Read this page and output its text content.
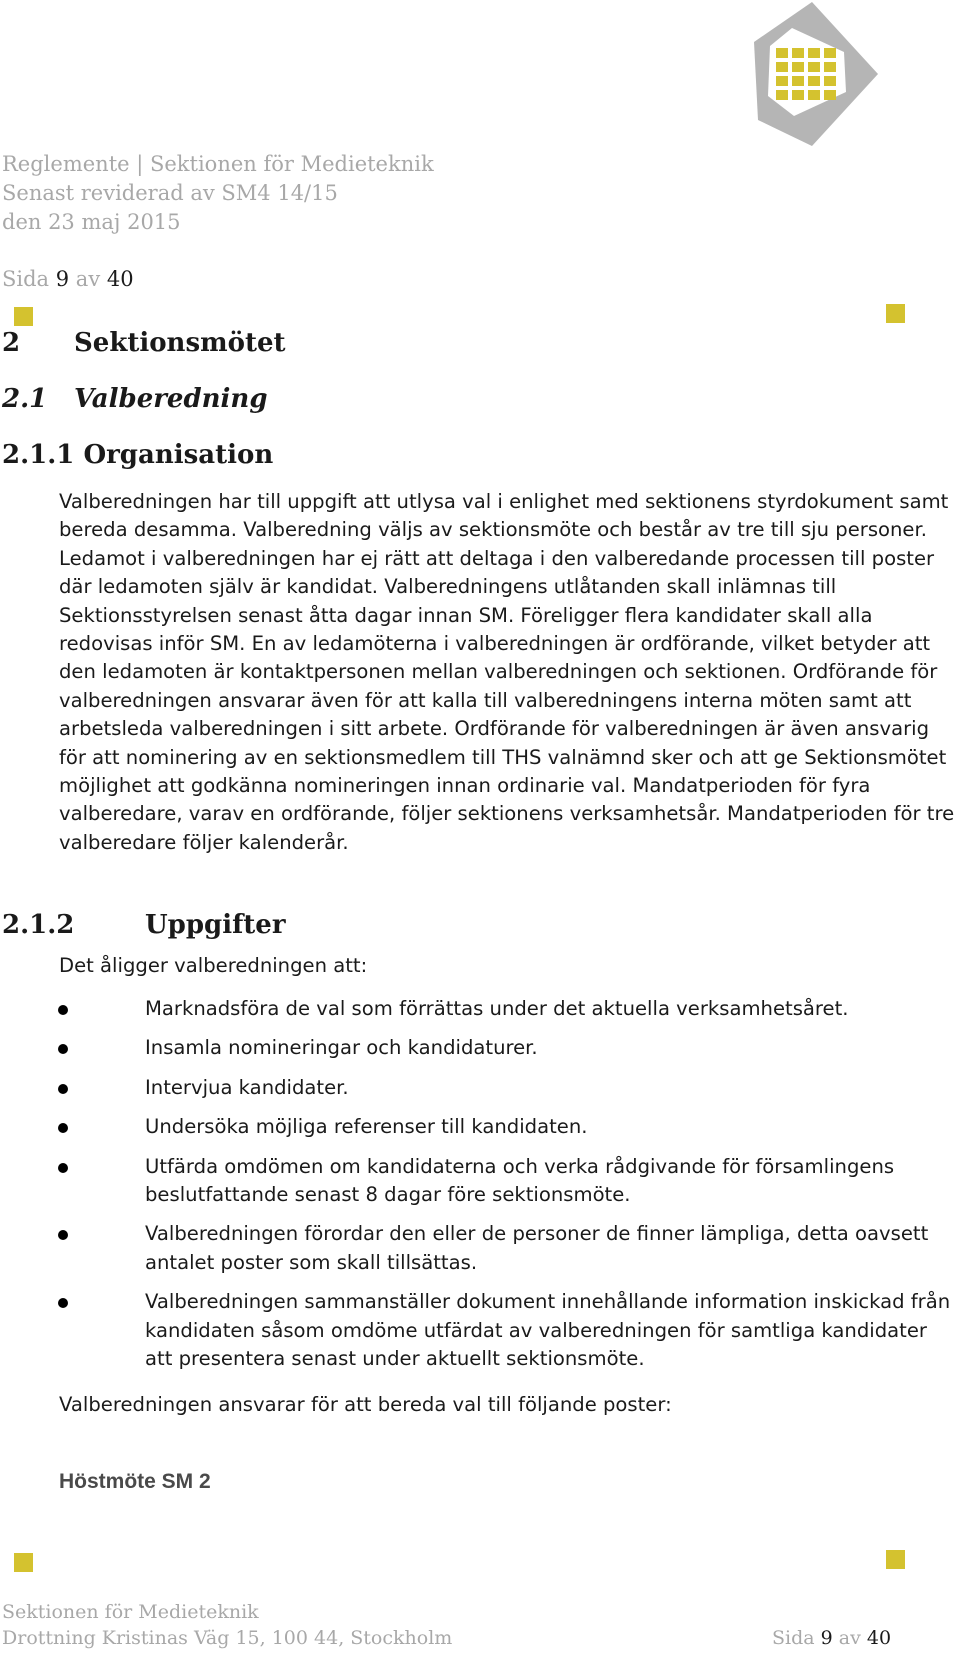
Reglemente | Sektionen för Medieteknik
Senast reviderad av SM4 14/15
den 23 maj 2015
Sida 9 av 40
2 Sektionsmötet
2.1 Valberedning
2.1.1 Organisation
Valberedningen har till uppgift att utlysa val i enlighet med sektionens styrdokument samt bereda desamma. Valberedning väljs av sektionsmöte och består av tre till sju personer. Ledamot i valberedningen har ej rätt att deltaga i den valberedande processen till poster där ledamoten själv är kandidat. Valberedningens utlåtanden skall inlämnas till Sektionsstyrelsen senast åtta dagar innan SM. Föreligger flera kandidater skall alla redovisas inför SM. En av ledamöterna i valberedningen är ordförande, vilket betyder att den ledamoten är kontaktpersonen mellan valberedningen och sektionen. Ordförande för valberedningen ansvarar även för att kalla till valberedningens interna möten samt att arbetsleda valberedningen i sitt arbete. Ordförande för valberedningen är även ansvarig för att nominering av en sektionsmedlem till THS valnämnd sker och att ge Sektionsmötet möjlighet att godkänna nomineringen innan ordinarie val. Mandatperioden för fyra valberedare, varav en ordförande, följer sektionens verksamhetsår. Mandatperioden för tre valberedare följer kalenderår.
2.1.2	Uppgifter
Det åligger valberedningen att:
Marknadsföra de val som förrättas under det aktuella verksamhetsåret.
Insamla nomineringar och kandidaturer.
Intervjua kandidater.
Undersöka möjliga referenser till kandidaten.
Utfärda omdömen om kandidaterna och verka rådgivande för församlingens beslutfattande senast 8 dagar före sektionsmöte.
Valberedningen förordar den eller de personer de finner lämpliga, detta oavsett antalet poster som skall tillsättas.
Valberedningen sammanställer dokument innehållande information inskickad från kandidaten såsom omdöme utfärdat av valberedningen för samtliga kandidater att presentera senast under aktuellt sektionsmöte.
Valberedningen ansvarar för att bereda val till följande poster:
Höstmöte SM 2
Sektionen för Medieteknik
Drottning Kristinas Väg 15, 100 44, Stockholm	Sida 9 av 40
